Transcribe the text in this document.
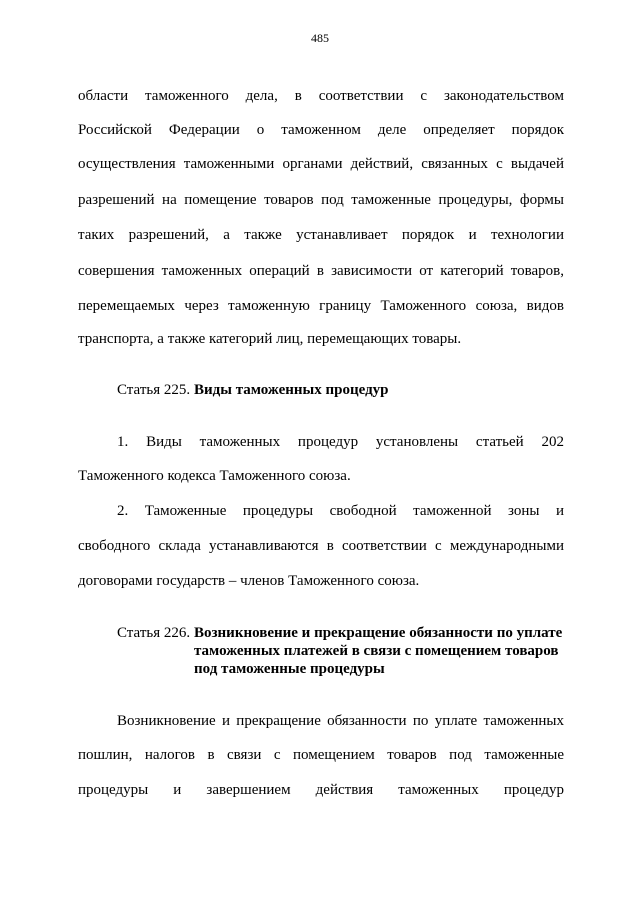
485
области таможенного дела, в соответствии с законодательством
Российской Федерации о таможенном деле определяет порядок
осуществления таможенными органами действий, связанных с выдачей
разрешений на помещение товаров под таможенные процедуры, формы
таких разрешений, а также устанавливает порядок и технологии
совершения таможенных операций в зависимости от категорий товаров,
перемещаемых через таможенную границу Таможенного союза, видов
транспорта, а также категорий лиц, перемещающих товары.
Статья 225. Виды таможенных процедур
1. Виды таможенных процедур установлены статьей 202
Таможенного кодекса Таможенного союза.
2. Таможенные процедуры свободной таможенной зоны и
свободного склада устанавливаются в соответствии с международными
договорами государств – членов Таможенного союза.
Статья 226. Возникновение и прекращение обязанности по уплате
таможенных платежей в связи с помещением товаров
под таможенные процедуры
Возникновение и прекращение обязанности по уплате таможенных
пошлин, налогов в связи с помещением товаров под таможенные
процедуры и завершением действия таможенных процедур
